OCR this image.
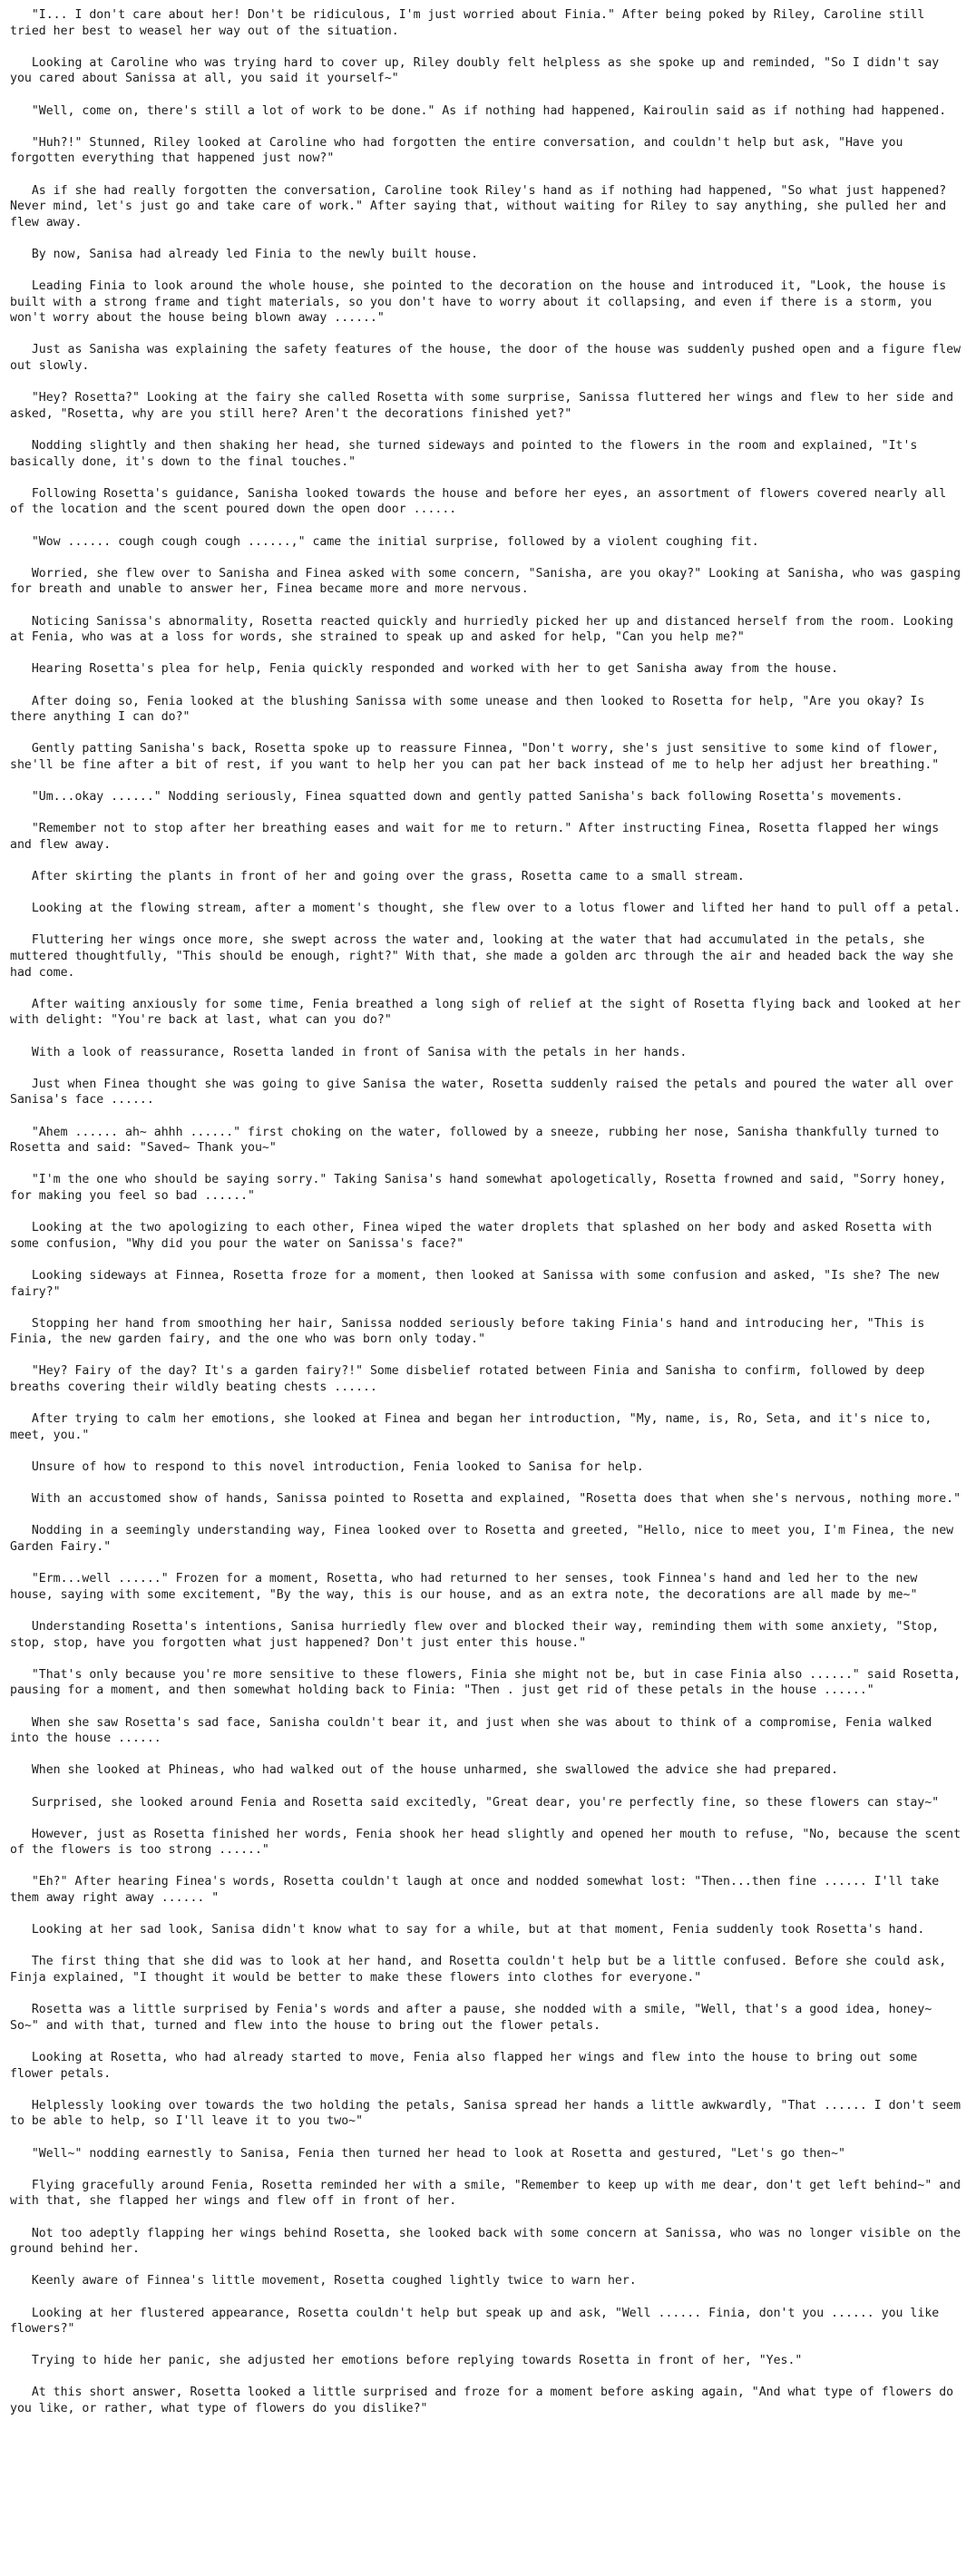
"I... I don't care about her! Don't be ridiculous, I'm just worried about Finia." After being poked by Riley, Caroline still tried her best to weasel her way out of the situation.

Looking at Caroline who was trying hard to cover up, Riley doubly felt helpless as she spoke up and reminded, "So I didn't say you cared about Sanissa at all, you said it yourself~"

"Well, come on, there's still a lot of work to be done." As if nothing had happened, Kairoulin said as if nothing had happened.

"Huh?!" Stunned, Riley looked at Caroline who had forgotten the entire conversation, and couldn't help but ask, "Have you forgotten everything that happened just now?"

As if she had really forgotten the conversation, Caroline took Riley's hand as if nothing had happened, "So what just happened? Never mind, let's just go and take care of work." After saying that, without waiting for Riley to say anything, she pulled her and flew away.

By now, Sanisa had already led Finia to the newly built house.

Leading Finia to look around the whole house, she pointed to the decoration on the house and introduced it, "Look, the house is built with a strong frame and tight materials, so you don't have to worry about it collapsing, and even if there is a storm, you won't worry about the house being blown away ......"

Just as Sanisha was explaining the safety features of the house, the door of the house was suddenly pushed open and a figure flew out slowly.

"Hey? Rosetta?" Looking at the fairy she called Rosetta with some surprise, Sanissa fluttered her wings and flew to her side and asked, "Rosetta, why are you still here? Aren't the decorations finished yet?"

Nodding slightly and then shaking her head, she turned sideways and pointed to the flowers in the room and explained, "It's basically done, it's down to the final touches."

Following Rosetta's guidance, Sanisha looked towards the house and before her eyes, an assortment of flowers covered nearly all of the location and the scent poured down the open door ......

"Wow ...... cough cough cough ......," came the initial surprise, followed by a violent coughing fit.

Worried, she flew over to Sanisha and Finea asked with some concern, "Sanisha, are you okay?" Looking at Sanisha, who was gasping for breath and unable to answer her, Finea became more and more nervous.

Noticing Sanissa's abnormality, Rosetta reacted quickly and hurriedly picked her up and distanced herself from the room. Looking at Fenia, who was at a loss for words, she strained to speak up and asked for help, "Can you help me?"

Hearing Rosetta's plea for help, Fenia quickly responded and worked with her to get Sanisha away from the house.

After doing so, Fenia looked at the blushing Sanissa with some unease and then looked to Rosetta for help, "Are you okay? Is there anything I can do?"

Gently patting Sanisha's back, Rosetta spoke up to reassure Finnea, "Don't worry, she's just sensitive to some kind of flower, she'll be fine after a bit of rest, if you want to help her you can pat her back instead of me to help her adjust her breathing."

"Um...okay ......" Nodding seriously, Finea squatted down and gently patted Sanisha's back following Rosetta's movements.

"Remember not to stop after her breathing eases and wait for me to return." After instructing Finea, Rosetta flapped her wings and flew away.

After skirting the plants in front of her and going over the grass, Rosetta came to a small stream.

Looking at the flowing stream, after a moment's thought, she flew over to a lotus flower and lifted her hand to pull off a petal.

Fluttering her wings once more, she swept across the water and, looking at the water that had accumulated in the petals, she muttered thoughtfully, "This should be enough, right?" With that, she made a golden arc through the air and headed back the way she had come.

After waiting anxiously for some time, Fenia breathed a long sigh of relief at the sight of Rosetta flying back and looked at her with delight: "You're back at last, what can you do?"

With a look of reassurance, Rosetta landed in front of Sanisa with the petals in her hands.

Just when Finea thought she was going to give Sanisa the water, Rosetta suddenly raised the petals and poured the water all over Sanisa's face ......

"Ahem ...... ah~ ahhh ......" first choking on the water, followed by a sneeze, rubbing her nose, Sanisha thankfully turned to Rosetta and said: "Saved~ Thank you~"

"I'm the one who should be saying sorry." Taking Sanisa's hand somewhat apologetically, Rosetta frowned and said, "Sorry honey, for making you feel so bad ......"

Looking at the two apologizing to each other, Finea wiped the water droplets that splashed on her body and asked Rosetta with some confusion, "Why did you pour the water on Sanissa's face?"

Looking sideways at Finnea, Rosetta froze for a moment, then looked at Sanissa with some confusion and asked, "Is she? The new fairy?"

Stopping her hand from smoothing her hair, Sanissa nodded seriously before taking Finia's hand and introducing her, "This is Finia, the new garden fairy, and the one who was born only today."

"Hey? Fairy of the day? It's a garden fairy?!" Some disbelief rotated between Finia and Sanisha to confirm, followed by deep breaths covering their wildly beating chests ......

After trying to calm her emotions, she looked at Finea and began her introduction, "My, name, is, Ro, Seta, and it's nice to, meet, you."

Unsure of how to respond to this novel introduction, Fenia looked to Sanisa for help.

With an accustomed show of hands, Sanissa pointed to Rosetta and explained, "Rosetta does that when she's nervous, nothing more."

Nodding in a seemingly understanding way, Finea looked over to Rosetta and greeted, "Hello, nice to meet you, I'm Finea, the new Garden Fairy."

"Erm...well ......" Frozen for a moment, Rosetta, who had returned to her senses, took Finnea's hand and led her to the new house, saying with some excitement, "By the way, this is our house, and as an extra note, the decorations are all made by me~"

Understanding Rosetta's intentions, Sanisa hurriedly flew over and blocked their way, reminding them with some anxiety, "Stop, stop, stop, have you forgotten what just happened? Don't just enter this house."

"That's only because you're more sensitive to these flowers, Finia she might not be, but in case Finia also ......" said Rosetta, pausing for a moment, and then somewhat holding back to Finia: "Then . just get rid of these petals in the house ......"

When she saw Rosetta's sad face, Sanisha couldn't bear it, and just when she was about to think of a compromise, Fenia walked into the house ......

When she looked at Phineas, who had walked out of the house unharmed, she swallowed the advice she had prepared.

Surprised, she looked around Fenia and Rosetta said excitedly, "Great dear, you're perfectly fine, so these flowers can stay~"

However, just as Rosetta finished her words, Fenia shook her head slightly and opened her mouth to refuse, "No, because the scent of the flowers is too strong ......"

"Eh?" After hearing Finea's words, Rosetta couldn't laugh at once and nodded somewhat lost: "Then...then fine ...... I'll take them away right away ...... "

Looking at her sad look, Sanisa didn't know what to say for a while, but at that moment, Fenia suddenly took Rosetta's hand.

The first thing that she did was to look at her hand, and Rosetta couldn't help but be a little confused. Before she could ask, Finja explained, "I thought it would be better to make these flowers into clothes for everyone."

Rosetta was a little surprised by Fenia's words and after a pause, she nodded with a smile, "Well, that's a good idea, honey~ So~" and with that, turned and flew into the house to bring out the flower petals.

Looking at Rosetta, who had already started to move, Fenia also flapped her wings and flew into the house to bring out some flower petals.

Helplessly looking over towards the two holding the petals, Sanisa spread her hands a little awkwardly, "That ...... I don't seem to be able to help, so I'll leave it to you two~"

"Well~" nodding earnestly to Sanisa, Fenia then turned her head to look at Rosetta and gestured, "Let's go then~"

Flying gracefully around Fenia, Rosetta reminded her with a smile, "Remember to keep up with me dear, don't get left behind~" and with that, she flapped her wings and flew off in front of her.

Not too adeptly flapping her wings behind Rosetta, she looked back with some concern at Sanissa, who was no longer visible on the ground behind her.

Keenly aware of Finnea's little movement, Rosetta coughed lightly twice to warn her.

Looking at her flustered appearance, Rosetta couldn't help but speak up and ask, "Well ...... Finia, don't you ...... you like flowers?"

Trying to hide her panic, she adjusted her emotions before replying towards Rosetta in front of her, "Yes."

At this short answer, Rosetta looked a little surprised and froze for a moment before asking again, "And what type of flowers do you like, or rather, what type of flowers do you dislike?"
